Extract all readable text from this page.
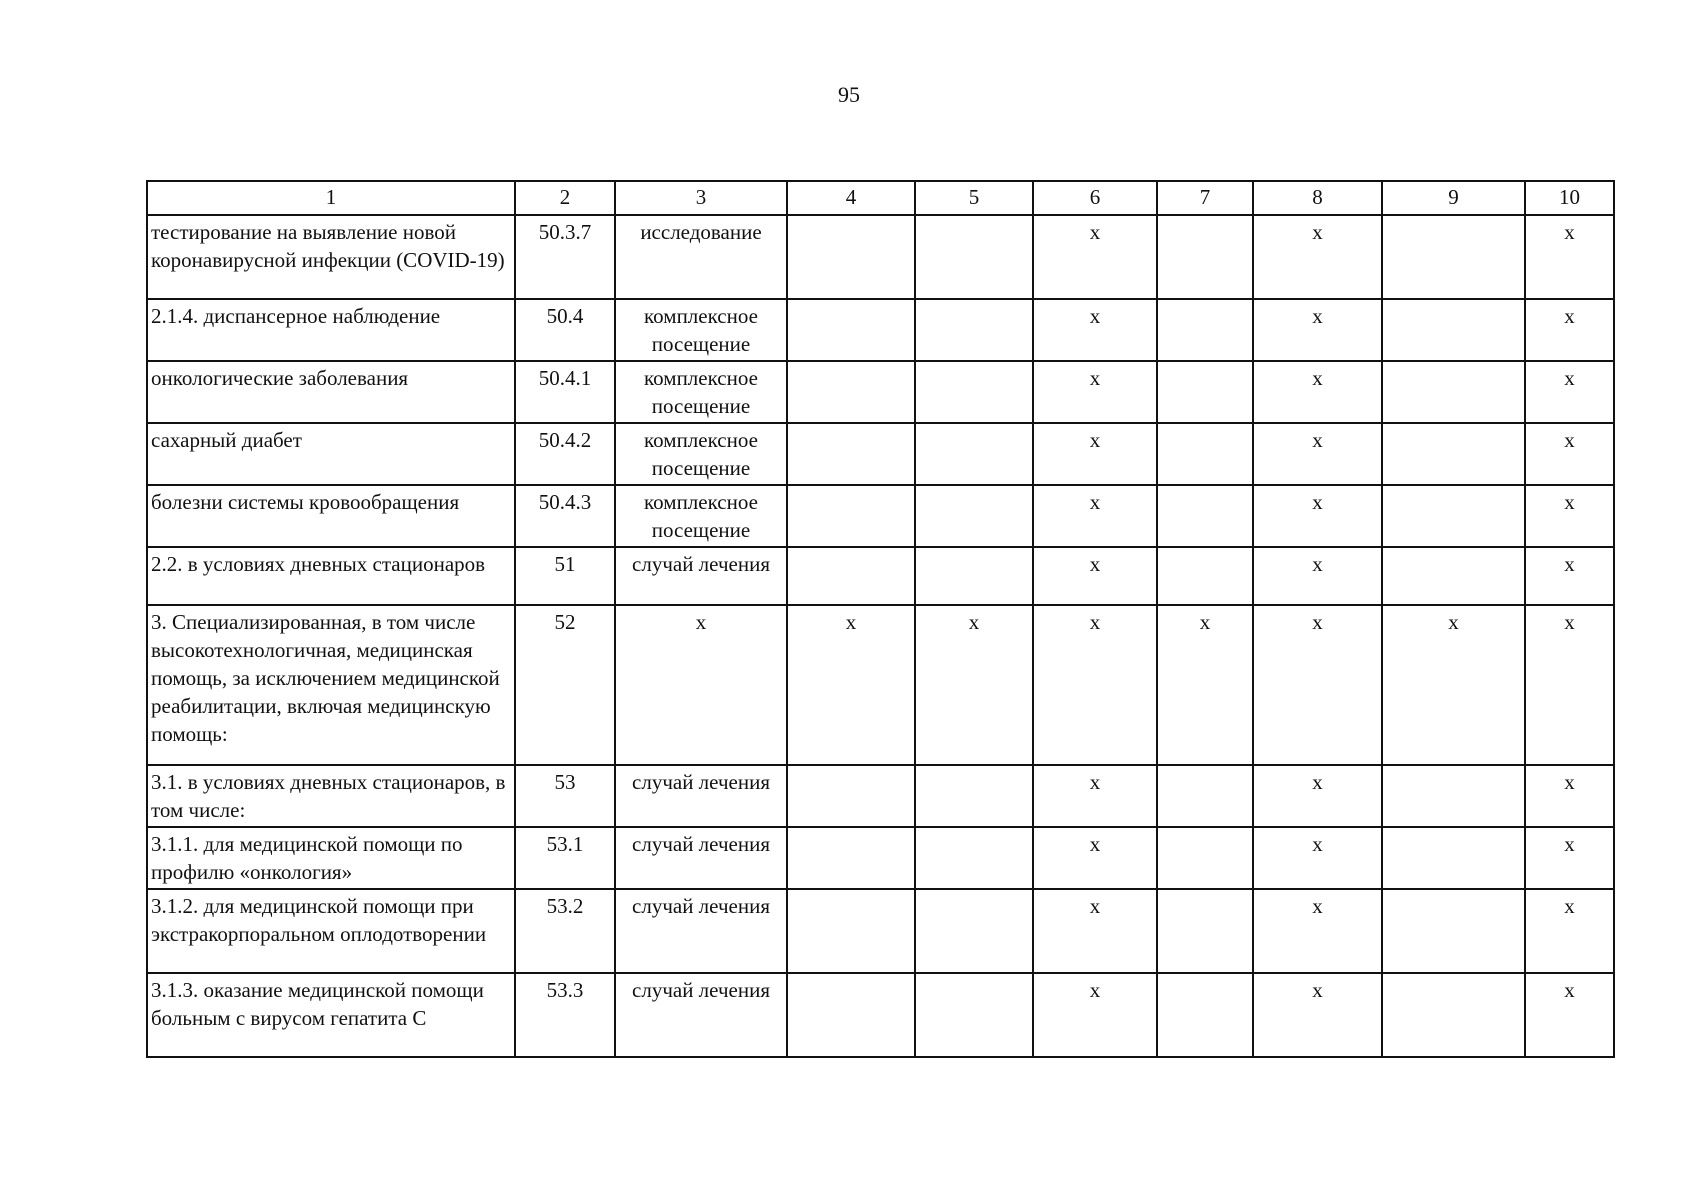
95
1	2	3	4	5	6	7	8	9	10
тестирование на выявление новой коронавирусной инфекции (COVID-19)	50.3.7	исследование			х		х		х
2.1.4. диспансерное наблюдение	50.4	комплексное посещение			х		х		х
онкологические заболевания	50.4.1	комплексное посещение			х		х		х
сахарный диабет	50.4.2	комплексное посещение			х		х		х
болезни системы кровообращения	50.4.3	комплексное посещение			х		х		х
2.2. в условиях дневных стационаров	51	случай лечения			х		х		х
3. Специализированная, в том числе высокотехнологичная, медицинская помощь, за исключением медицинской реабилитации, включая медицинскую помощь:	52	х	х	х	х	х	х	х	х
3.1. в условиях дневных стационаров, в том числе:	53	случай лечения			х		х		х
3.1.1. для медицинской помощи по профилю «онкология»	53.1	случай лечения			х		х		х
3.1.2. для медицинской помощи при экстракорпоральном оплодотворении	53.2	случай лечения			х		х		х
3.1.3. оказание медицинской помощи больным с вирусом гепатита С	53.3	случай лечения			х		х		х
